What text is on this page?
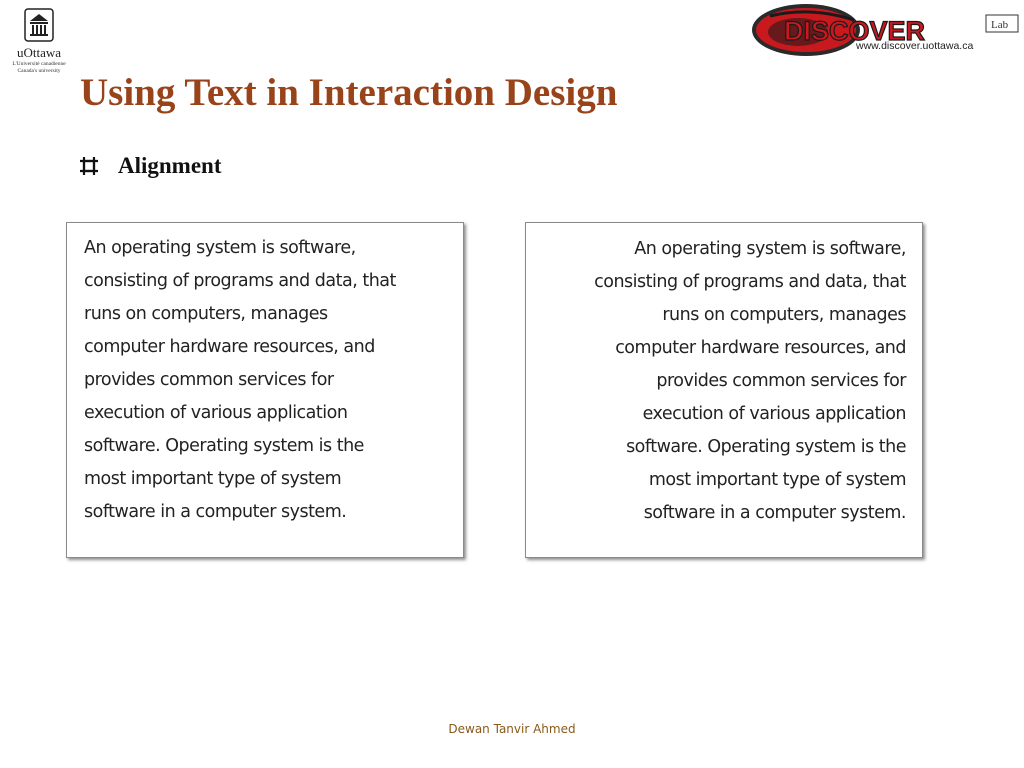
uOttawa
L'Université canadienne
Canada's university
DISCOVER	Lab
www.discover.uottawa.ca
Using Text in Interaction Design
Alignment

An operating system is software,

consisting of programs and data, that

runs on computers, manages

computer hardware resources, and

provides common services for

execution of various application

software. Operating system is the

most important type of system

software in a computer system.

An operating system is software,

consisting of programs and data, that

runs on computers, manages

computer hardware resources, and

provides common services for

execution of various application

software. Operating system is the

most important type of system

software in a computer system.

Dewan Tanvir Ahmed
